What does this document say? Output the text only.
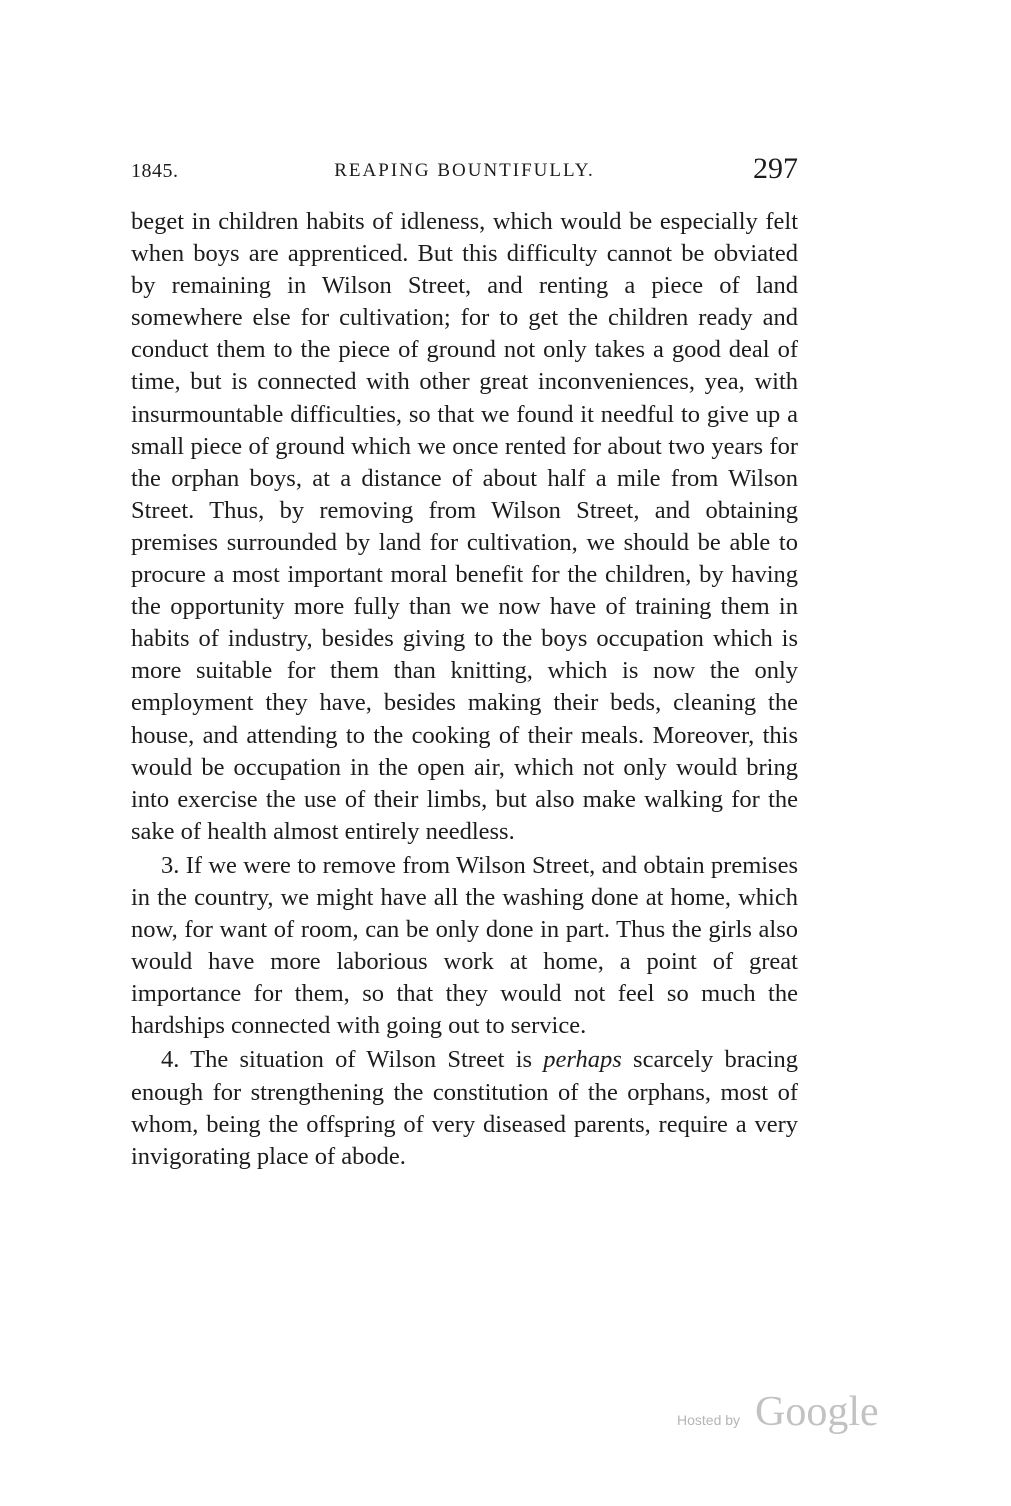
1845.	REAPING BOUNTIFULLY.	297

beget in children habits of idleness, which would be especially felt when boys are apprenticed. But this difficulty cannot be obviated by remaining in Wilson Street, and renting a piece of land somewhere else for cultivation; for to get the children ready and conduct them to the piece of ground not only takes a good deal of time, but is connected with other great inconveniences, yea, with insurmountable difficulties, so that we found it needful to give up a small piece of ground which we once rented for about two years for the orphan boys, at a distance of about half a mile from Wilson Street. Thus, by removing from Wilson Street, and obtaining premises surrounded by land for cultivation, we should be able to procure a most important moral benefit for the children, by having the opportunity more fully than we now have of training them in habits of industry, besides giving to the boys occupation which is more suitable for them than knitting, which is now the only employment they have, besides making their beds, cleaning the house, and attending to the cooking of their meals. Moreover, this would be occupation in the open air, which not only would bring into exercise the use of their limbs, but also make walking for the sake of health almost entirely needless.

3. If we were to remove from Wilson Street, and obtain premises in the country, we might have all the washing done at home, which now, for want of room, can be only done in part. Thus the girls also would have more laborious work at home, a point of great importance for them, so that they would not feel so much the hardships connected with going out to service.

4. The situation of Wilson Street is perhaps scarcely bracing enough for strengthening the constitution of the orphans, most of whom, being the offspring of very diseased parents, require a very invigorating place of abode.

Hosted by Google
